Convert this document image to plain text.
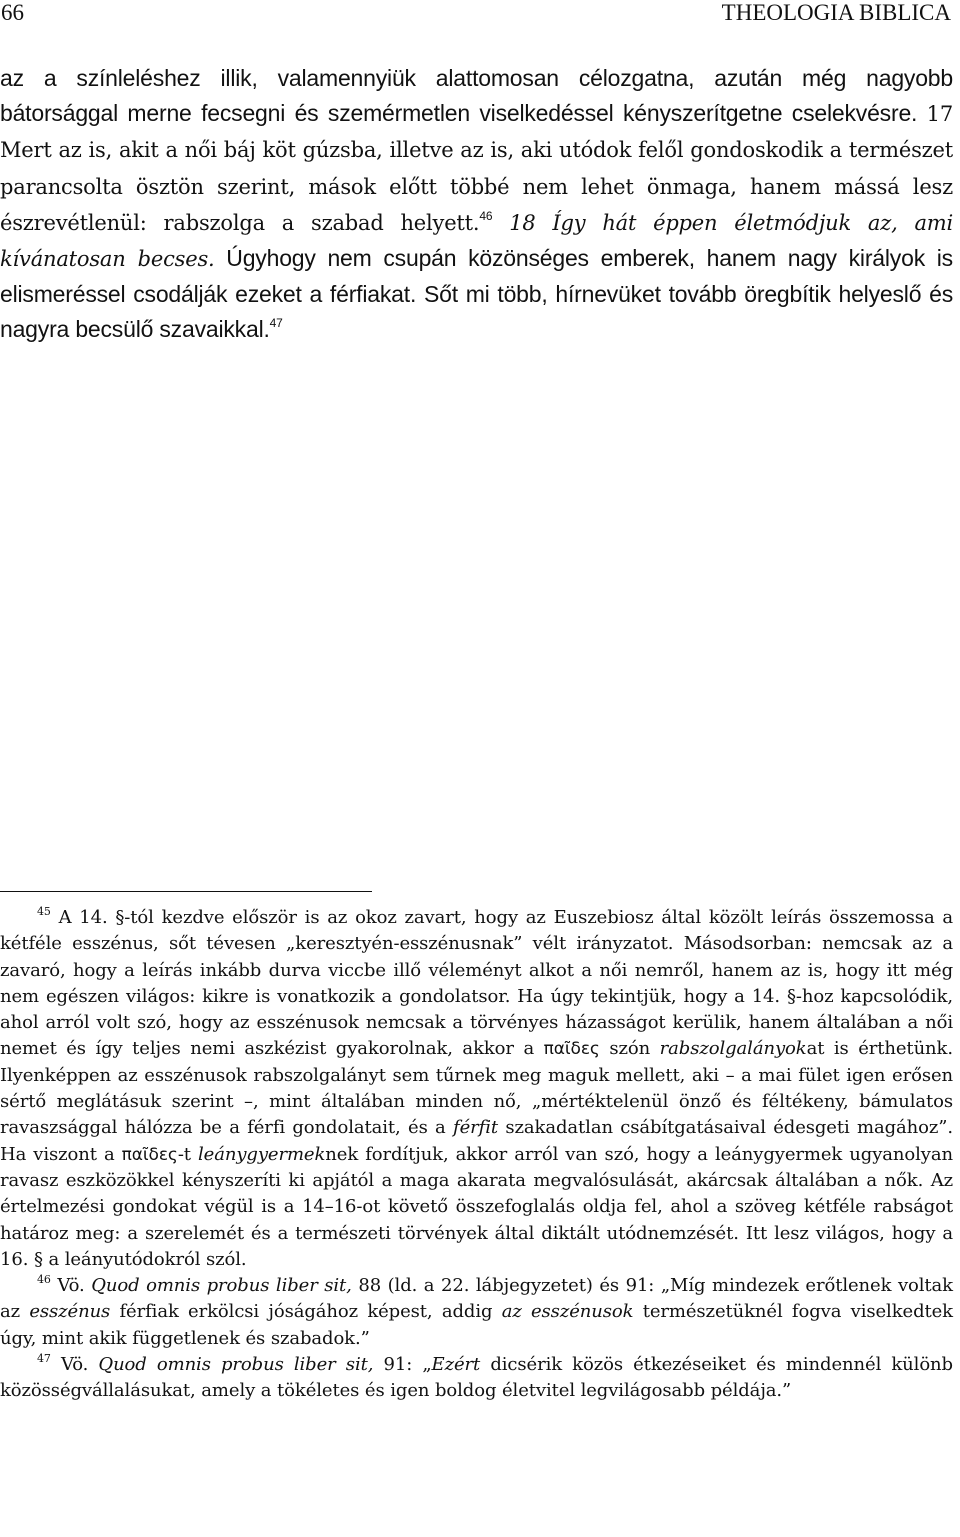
66	THEOLOGIA BIBLICA
az a színleléshez illik, valamennyiük alattomosan célozgatna, azután még nagyobb bátorsággal merne fecsegni és szemérmetlen viselkedéssel kényszerítgetne cselekvésre. 17 Mert az is, akit a női báj köt gúzsba, illetve az is, aki utódok felől gondoskodik a természet parancsolta ösztön szerint, mások előtt többé nem lehet önmaga, hanem mássá lesz észrevétlenül: rabszolga a szabad helyett.$^{46}$ 18 Így hát éppen életmódjuk az, ami kívánatosan becses. Úgyhogy nem csupán közönséges emberek, hanem nagy királyok is elismeréssel csodálják ezeket a férfiakat. Sőt mi több, hírnevüket tovább öregbítik helyeslő és nagyra becsülő szavaikkal.$^{47}$

$^{45}$ A 14. §-tól kezdve először is az okoz zavart, hogy az Euszebiosz által közölt leírás összemossa a kétféle esszénus, sőt tévesen „keresztyén-esszénusnak” vélt irányzatot. Másodsorban: nemcsak az a zavaró, hogy a leírás inkább durva viccbe illő véleményt alkot a női nemről, hanem az is, hogy itt még nem egészen világos: kikre is vonatkozik a gondolatsor. Ha úgy tekintjük, hogy a 14. §-hoz kapcsolódik, ahol arról volt szó, hogy az esszénusok nemcsak a törvényes házasságot kerülik, hanem általában a női nemet és így teljes nemi aszkézist gyakorolnak, akkor a παῖδες szón rabszolgalányokat is érthetünk. Ilyenképpen az esszénusok rabszolgalányt sem tűrnek meg maguk mellett, aki – a mai fület igen erősen sértő meglátásuk szerint –, mint általában minden nő, „mértéktelenül önző és féltékeny, bámulatos ravaszsággal hálózza be a férfi gondolatait, és a férfit szakadatlan csábítgatásaival édesgeti magához”. Ha viszont a παῖδες-t leánygyermeknek fordítjuk, akkor arról van szó, hogy a leánygyermek ugyanolyan ravasz eszközökkel kényszeríti ki apjától a maga akarata megvalósulását, akárcsak általában a nők. Az értelmezési gondokat végül is a 14–16-ot követő összefoglalás oldja fel, ahol a szöveg kétféle rabságot határoz meg: a szerelemét és a természeti törvények által diktált utódnemzését. Itt lesz világos, hogy a 16. § a leányutódokról szól.

$^{46}$ Vö. Quod omnis probus liber sit, 88 (ld. a 22. lábjegyzetet) és 91: „Míg mindezek erőtlenek voltak az esszénus férfiak erkölcsi jóságához képest, addig az esszénusok természetüknél fogva viselkedtek úgy, mint akik függetlenek és szabadok.”

$^{47}$ Vö. Quod omnis probus liber sit, 91: „Ezért dicsérik közös étkezéseiket és mindennél különb közösségvállalásukat, amely a tökéletes és igen boldog életvitel legvilágosabb példája.”
